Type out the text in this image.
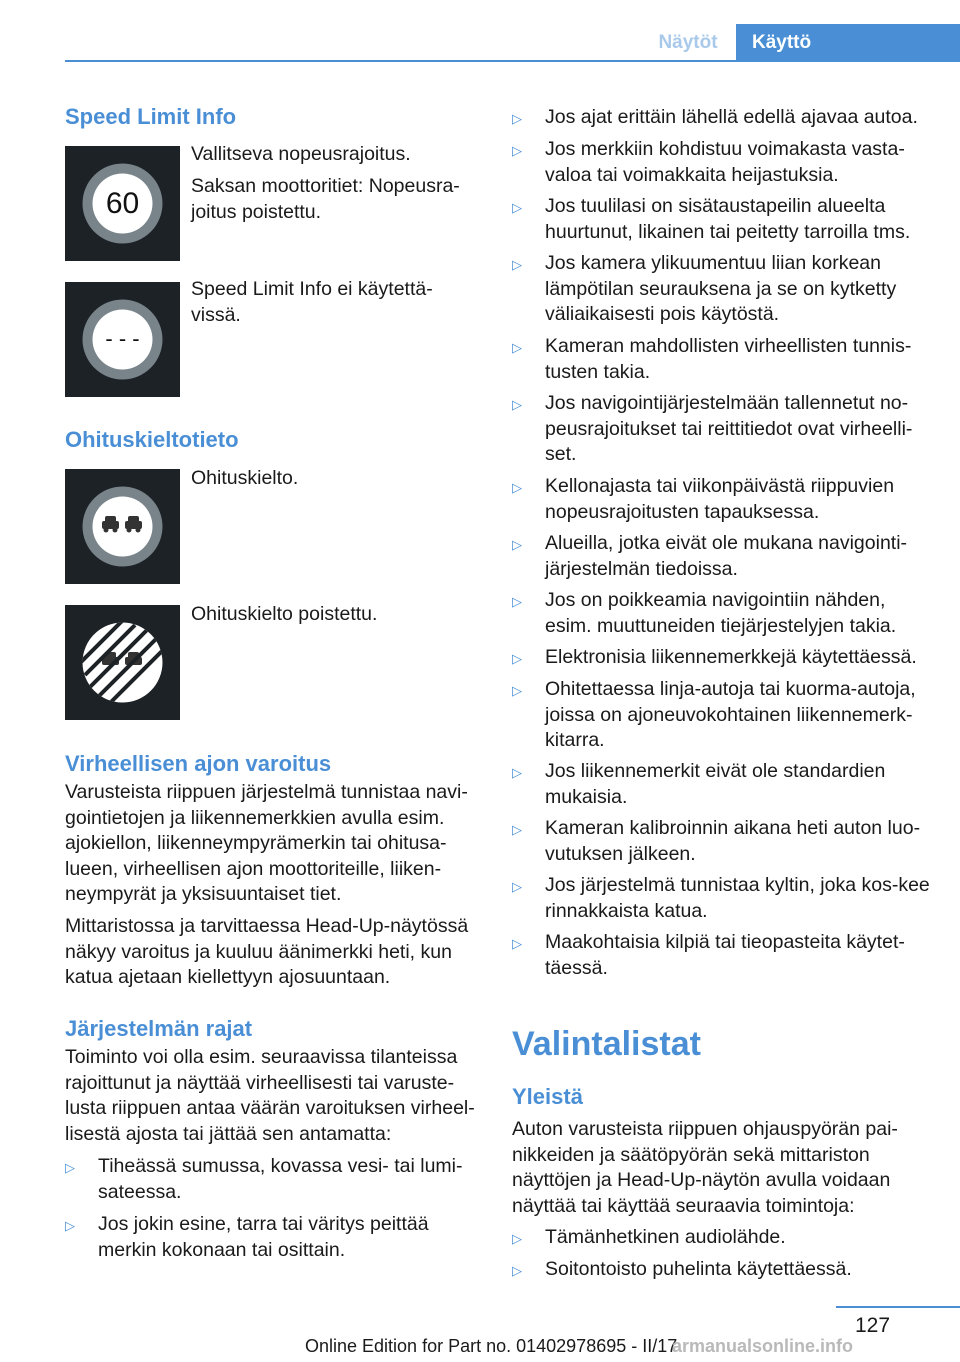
Näytöt	Käyttö
Speed Limit Info
60
Vallitseva nopeusrajoitus.
Saksan moottoritiet: Nopeusra-joitus poistettu.
- - -
Speed Limit Info ei käytettä-vissä.
Ohituskieltotieto
Ohituskielto.
Ohituskielto poistettu.
Virheellisen ajon varoitus
Varusteista riippuen järjestelmä tunnistaa navi-gointietojen ja liikennemerkkien avulla esim. ajokiellon, liikenneympyrämerkin tai ohitusa-lueen, virheellisen ajon moottoriteille, liiken-neympyrät ja yksisuuntaiset tiet.
Mittaristossa ja tarvittaessa Head-Up-näytössä näkyy varoitus ja kuuluu äänimerkki heti, kun katua ajetaan kiellettyyn ajosuuntaan.
Järjestelmän rajat
Toiminto voi olla esim. seuraavissa tilanteissa rajoittunut ja näyttää virheellisesti tai varuste-lusta riippuen antaa väärän varoituksen virheel-lisestä ajosta tai jättää sen antamatta:
▷	Tiheässä sumussa, kovassa vesi- tai lumi-sateessa.
▷	Jos jokin esine, tarra tai väritys peittää merkin kokonaan tai osittain.
▷	Jos ajat erittäin lähellä edellä ajavaa autoa.
▷	Jos merkkiin kohdistuu voimakasta vasta-valoa tai voimakkaita heijastuksia.
▷	Jos tuulilasi on sisätaustapeilin alueelta huurtunut, likainen tai peitetty tarroilla tms.
▷	Jos kamera ylikuumentuu liian korkean lämpötilan seurauksena ja se on kytketty väliaikaisesti pois käytöstä.
▷	Kameran mahdollisten virheellisten tunnis-tusten takia.
▷	Jos navigointijärjestelmään tallennetut no-peusrajoitukset tai reittitiedot ovat virheelli-set.
▷	Kellonajasta tai viikonpäivästä riippuvien nopeusrajoitusten tapauksessa.
▷	Alueilla, jotka eivät ole mukana navigointi-järjestelmän tiedoissa.
▷	Jos on poikkeamia navigointiin nähden, esim. muuttuneiden tiejärjestelyjen takia.
▷	Elektronisia liikennemerkkejä käytettäessä.
▷	Ohitettaessa linja-autoja tai kuorma-autoja, joissa on ajoneuvokohtainen liikennemerk-kitarra.
▷	Jos liikennemerkit eivät ole standardien mukaisia.
▷	Kameran kalibroinnin aikana heti auton luo-vutuksen jälkeen.
▷	Jos järjestelmä tunnistaa kyltin, joka kos-kee rinnakkaista katua.
▷	Maakohtaisia kilpiä tai tieopasteita käytet-täessä.
Valintalistat
Yleistä
Auton varusteista riippuen ohjauspyörän pai-nikkeiden ja säätöpyörän sekä mittariston näyttöjen ja Head-Up-näytön avulla voidaan näyttää tai käyttää seuraavia toimintoja:
▷	Tämänhetkinen audiolähde.
▷	Soitontoisto puhelinta käytettäessä.
127
Online Edition for Part no. 01402978695 - II/17
armanualsonline.info
